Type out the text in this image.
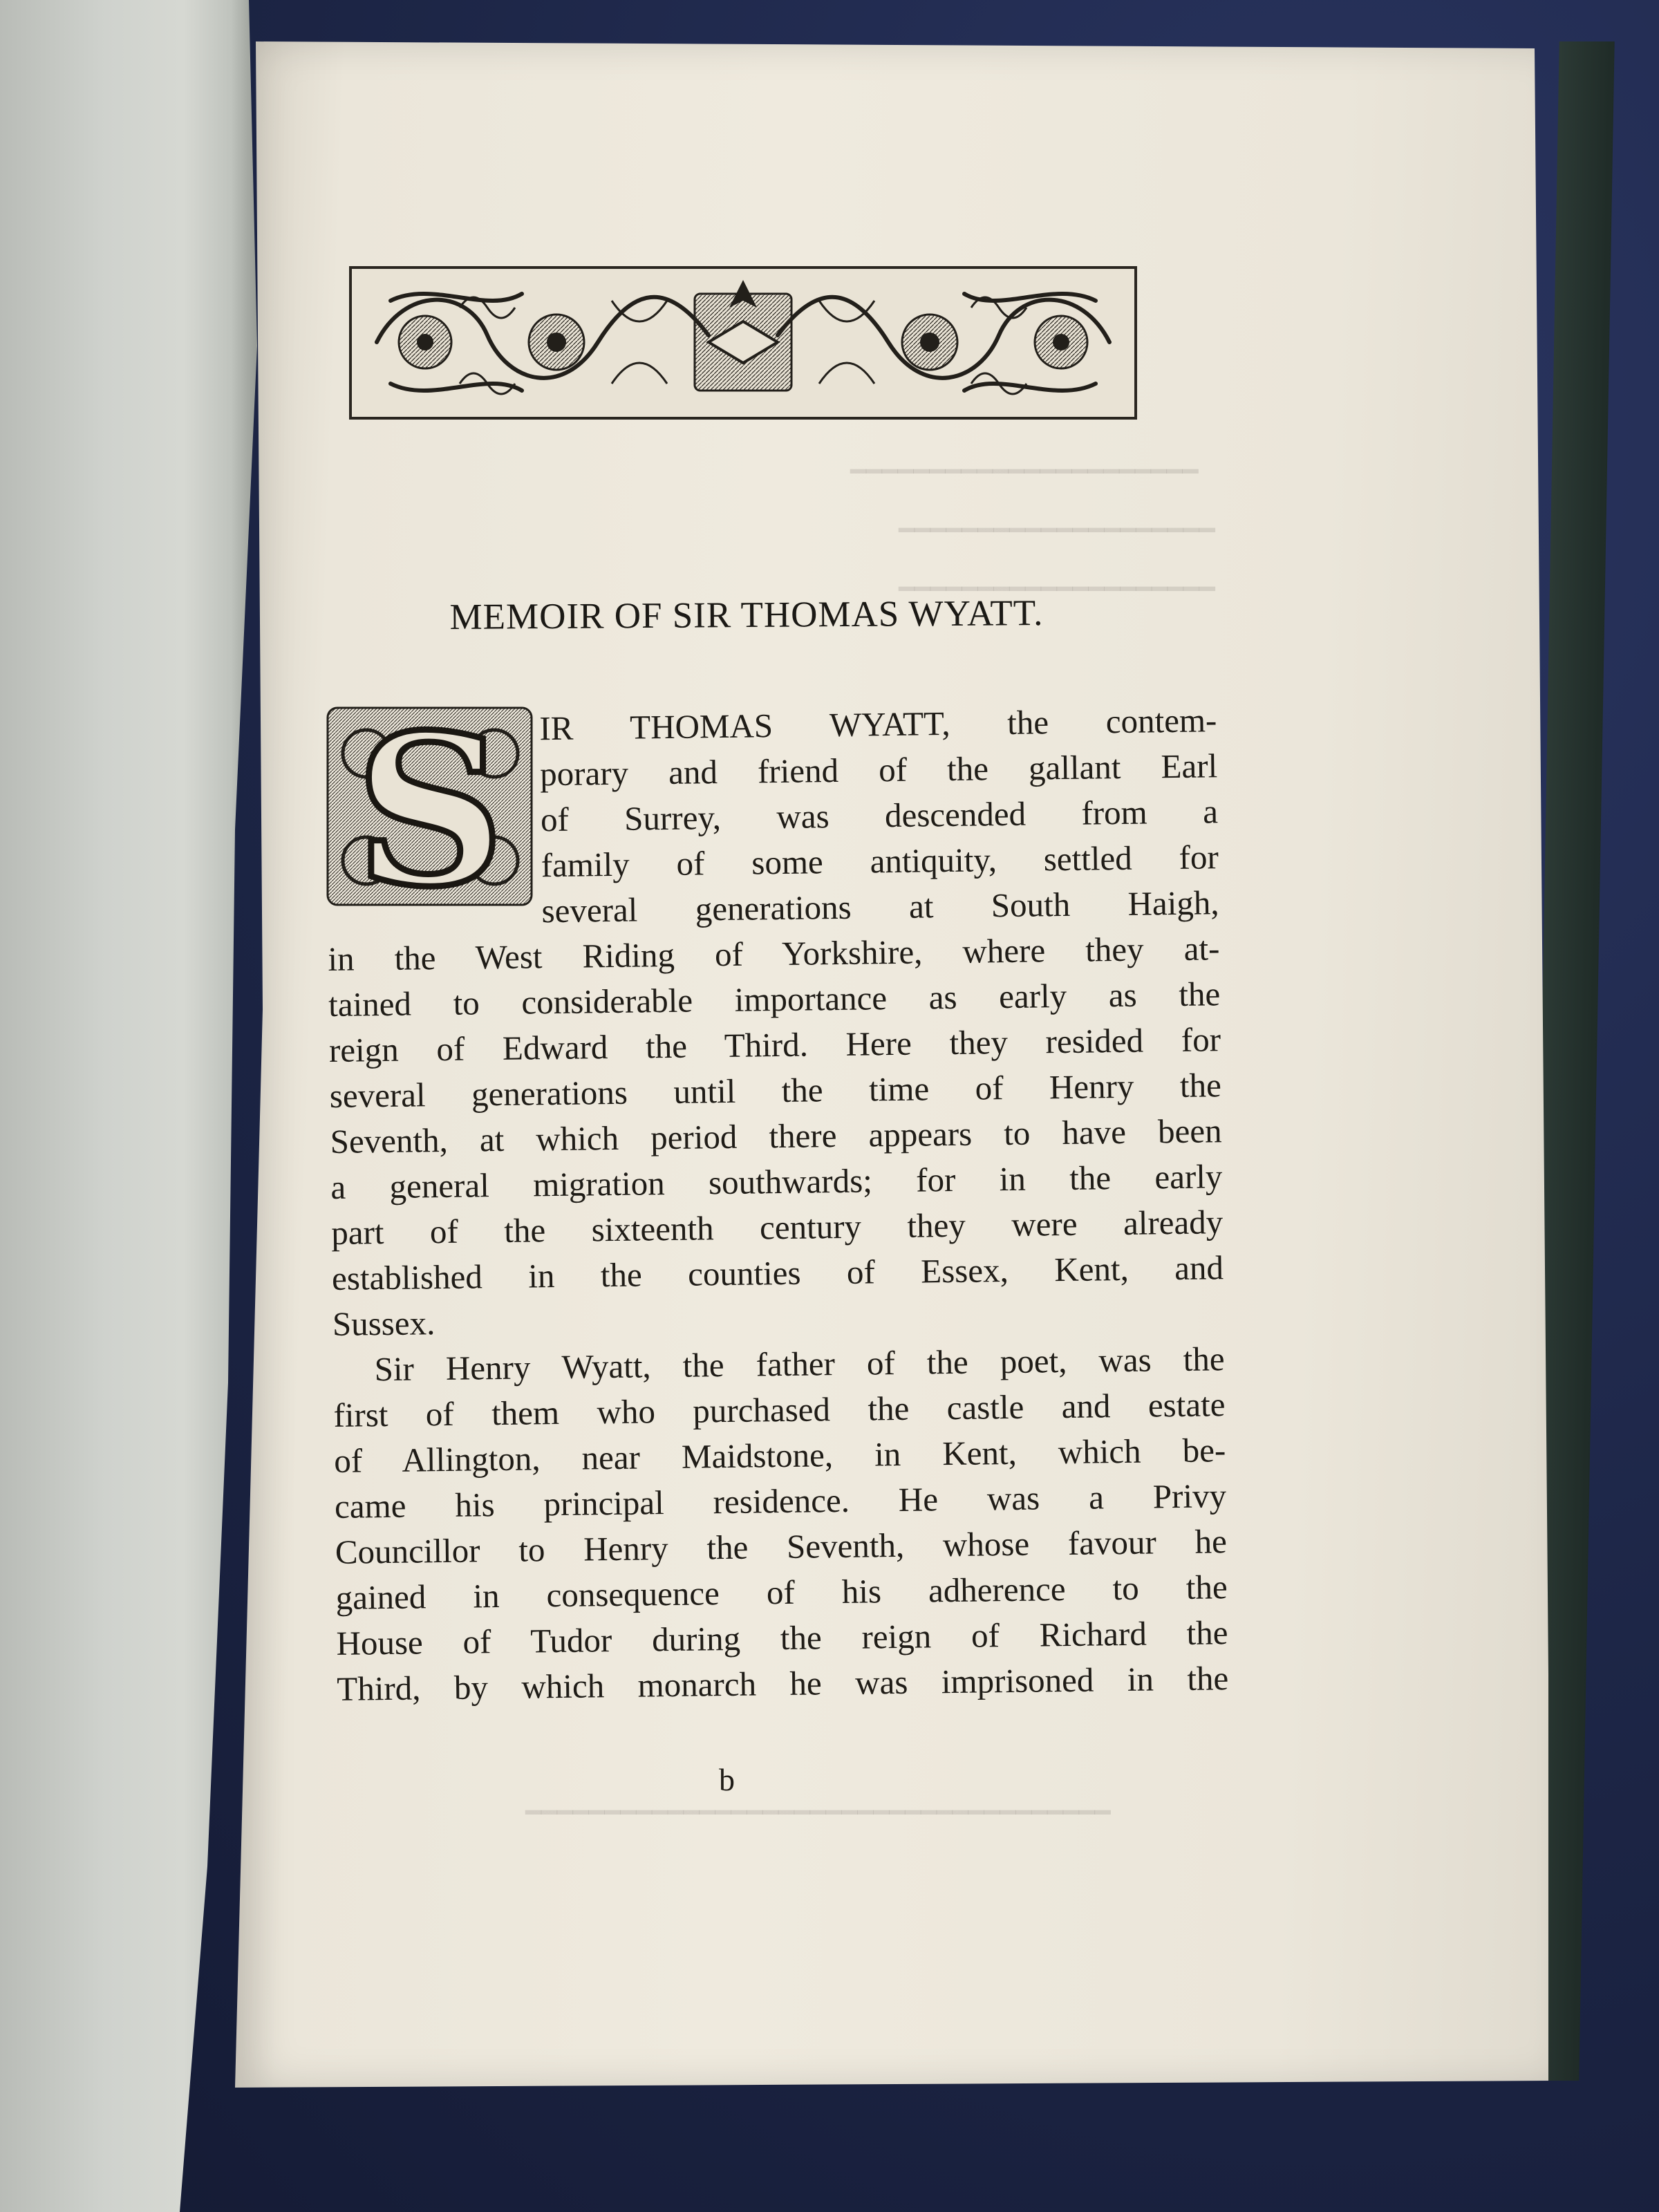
━━━━━━━━━━━━━━━━━━━━━━
━━━━━━━━━━━━━━━━━━━━
━━━━━━━━━━━━━━━━━━━━
━━━━━━━━━━━━━━━━━━━━━━━━━━━━━━━━━━━━━
MEMOIR OF SIR THOMAS WYATT.
S IR THOMAS WYATT, the contem-
porary and friend of the gallant Earl
of Surrey, was descended from a
family of some antiquity, settled for
several generations at South Haigh,
in the West Riding of Yorkshire, where they at-
tained to considerable importance as early as the
reign of Edward the Third. Here they resided for
several generations until the time of Henry the
Seventh, at which period there appears to have been
a general migration southwards; for in the early
part of the sixteenth century they were already
established in the counties of Essex, Kent, and
Sussex.
Sir Henry Wyatt, the father of the poet, was the
first of them who purchased the castle and estate
of Allington, near Maidstone, in Kent, which be-
came his principal residence. He was a Privy
Councillor to Henry the Seventh, whose favour he
gained in consequence of his adherence to the
House of Tudor during the reign of Richard the
Third, by which monarch he was imprisoned in the
b
